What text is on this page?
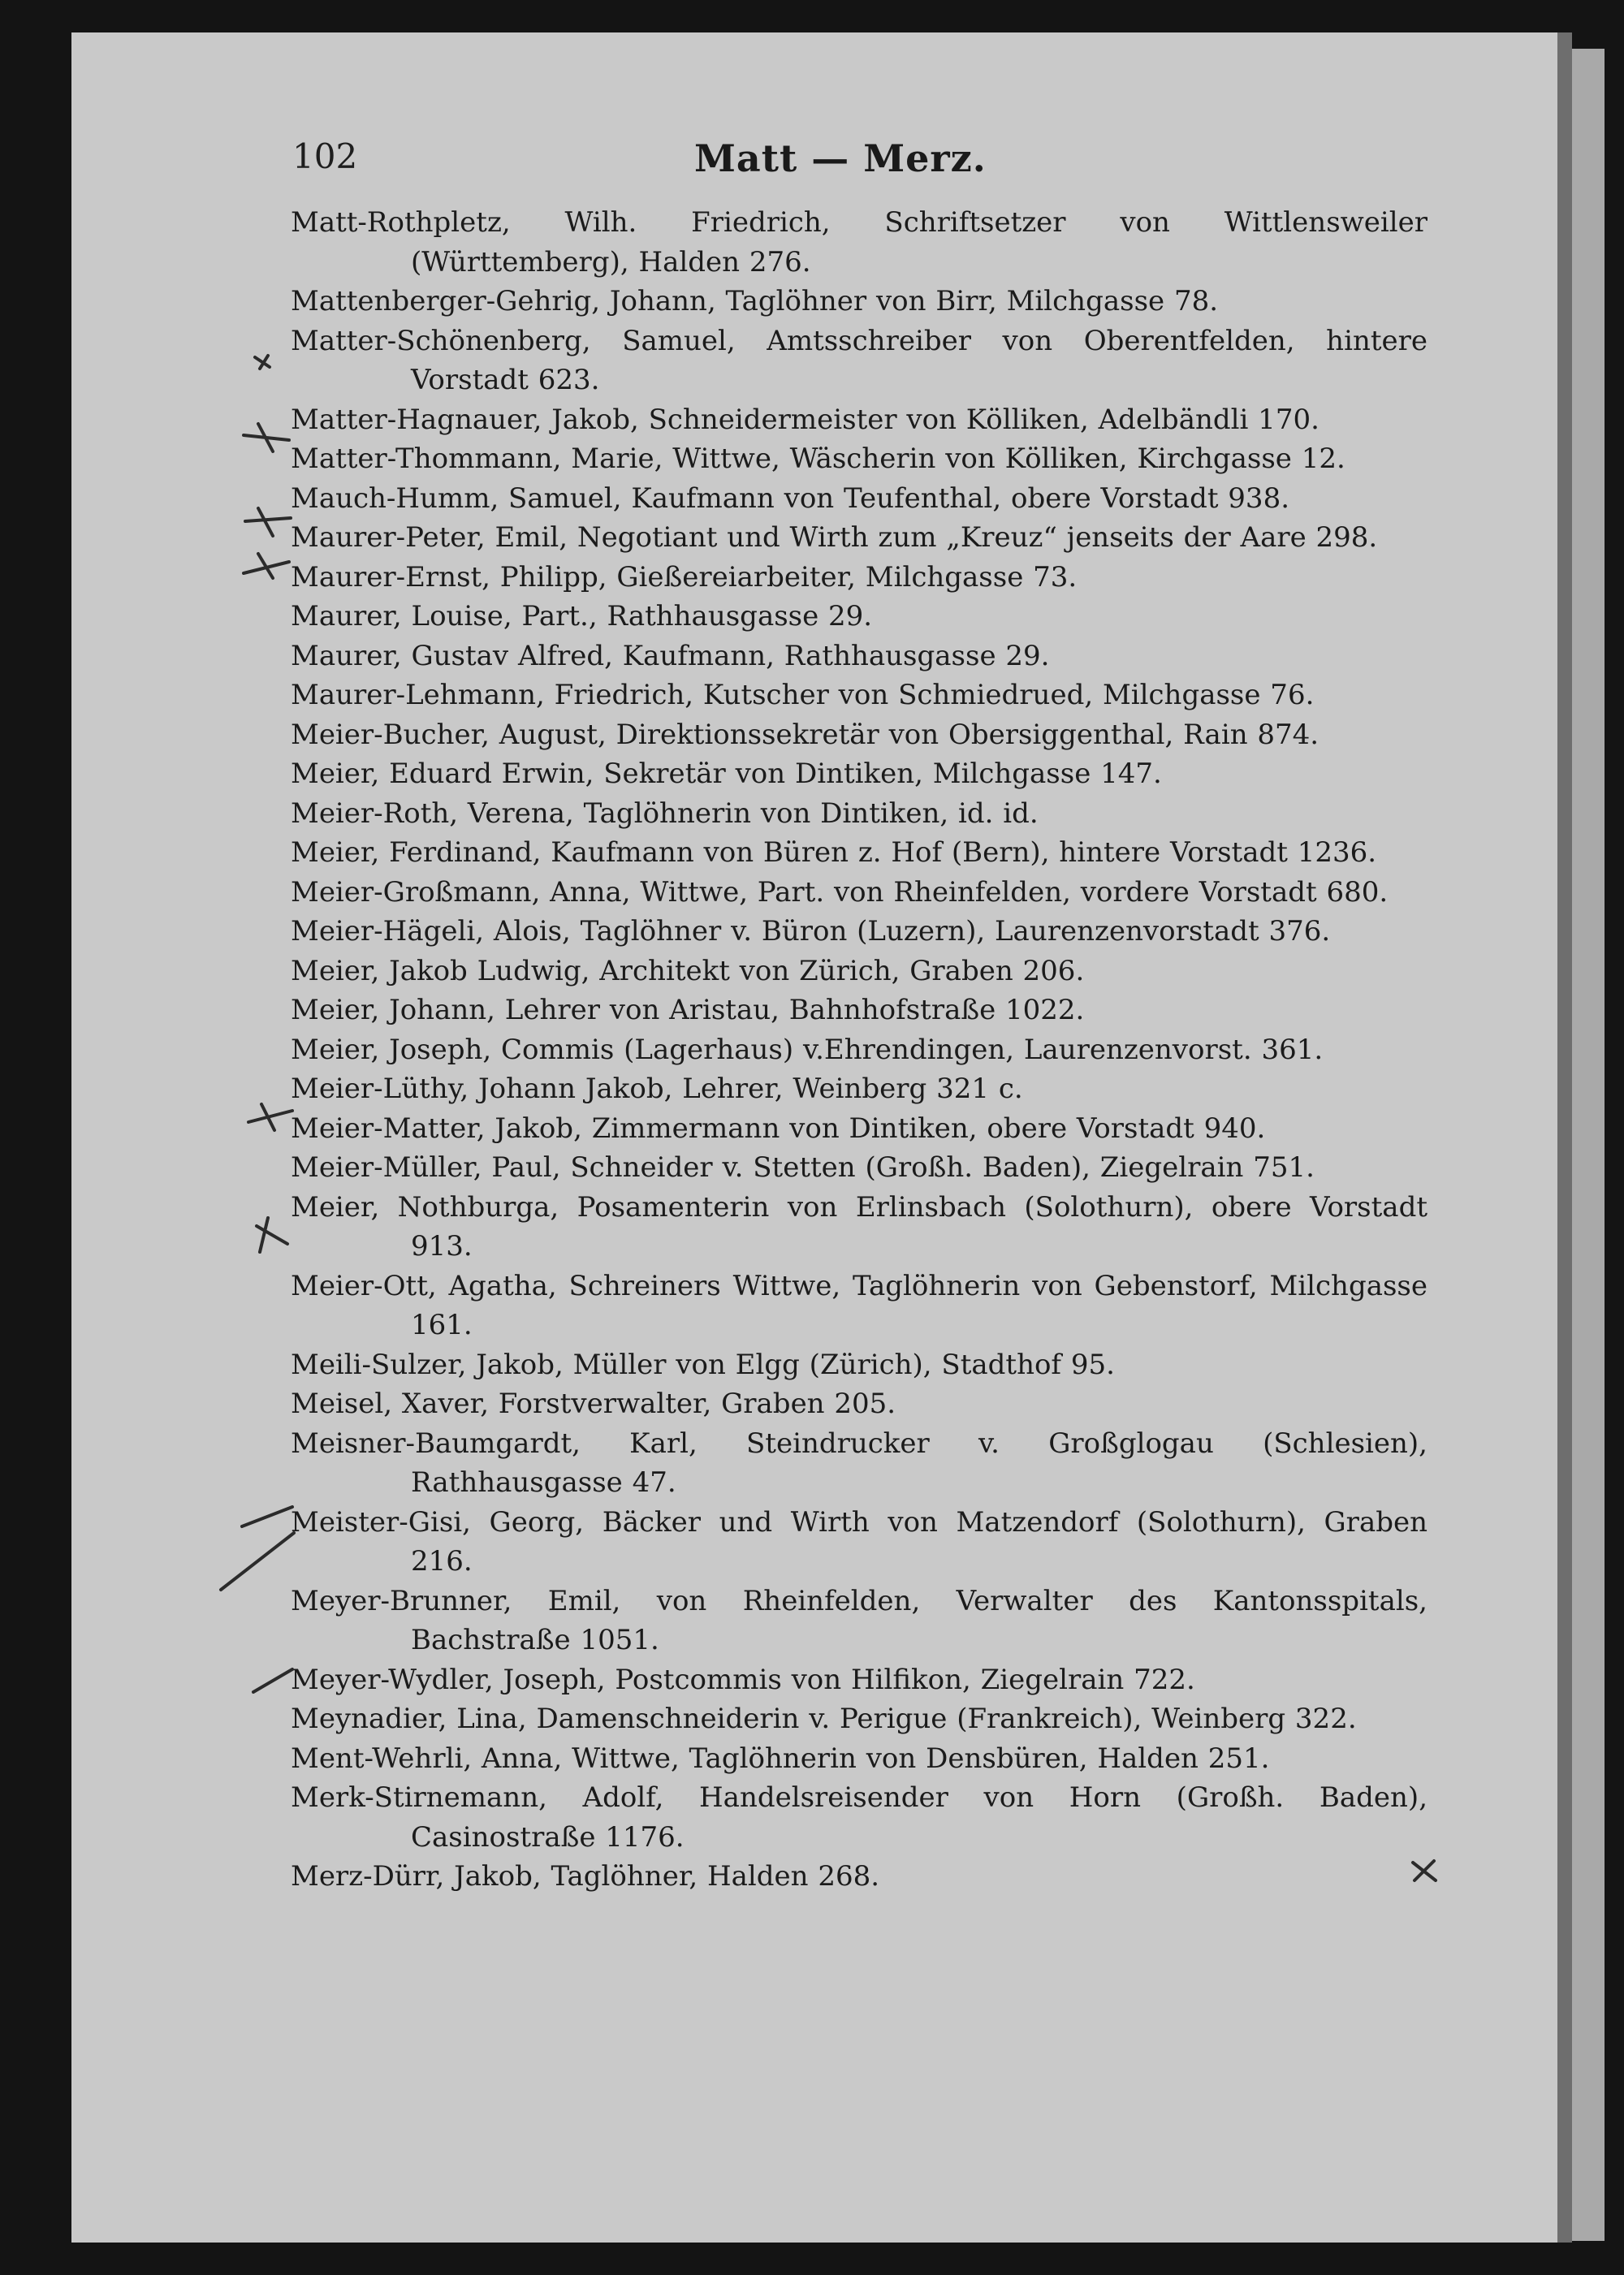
102	Matt — Merz.
Matt-Rothpletz, Wilh. Friedrich, Schriftsetzer von Wittlensweiler (Württemberg), Halden 276.
Mattenberger-Gehrig, Johann, Taglöhner von Birr, Milchgasse 78.
Matter-Schönenberg, Samuel, Amtsschreiber von Oberentfelden, hintere Vorstadt 623.
Matter-Hagnauer, Jakob, Schneidermeister von Kölliken, Adelbändli 170.
Matter-Thommann, Marie, Wittwe, Wäscherin von Kölliken, Kirchgasse 12.
Mauch-Humm, Samuel, Kaufmann von Teufenthal, obere Vorstadt 938.
Maurer-Peter, Emil, Negotiant und Wirth zum „Kreuz“ jenseits der Aare 298.
Maurer-Ernst, Philipp, Gießereiarbeiter, Milchgasse 73.
Maurer, Louise, Part., Rathhausgasse 29.
Maurer, Gustav Alfred, Kaufmann, Rathhausgasse 29.
Maurer-Lehmann, Friedrich, Kutscher von Schmiedrued, Milchgasse 76.
Meier-Bucher, August, Direktionssekretär von Obersiggenthal, Rain 874.
Meier, Eduard Erwin, Sekretär von Dintiken, Milchgasse 147.
Meier-Roth, Verena, Taglöhnerin von Dintiken, id. id.
Meier, Ferdinand, Kaufmann von Büren z. Hof (Bern), hintere Vorstadt 1236.
Meier-Großmann, Anna, Wittwe, Part. von Rheinfelden, vordere Vorstadt 680.
Meier-Hägeli, Alois, Taglöhner v. Büron (Luzern), Laurenzenvorstadt 376.
Meier, Jakob Ludwig, Architekt von Zürich, Graben 206.
Meier, Johann, Lehrer von Aristau, Bahnhofstraße 1022.
Meier, Joseph, Commis (Lagerhaus) v.Ehrendingen, Laurenzenvorst. 361.
Meier-Lüthy, Johann Jakob, Lehrer, Weinberg 321 c.
Meier-Matter, Jakob, Zimmermann von Dintiken, obere Vorstadt 940.
Meier-Müller, Paul, Schneider v. Stetten (Großh. Baden), Ziegelrain 751.
Meier, Nothburga, Posamenterin von Erlinsbach (Solothurn), obere Vorstadt 913.
Meier-Ott, Agatha, Schreiners Wittwe, Taglöhnerin von Gebenstorf, Milchgasse 161.
Meili-Sulzer, Jakob, Müller von Elgg (Zürich), Stadthof 95.
Meisel, Xaver, Forstverwalter, Graben 205.
Meisner-Baumgardt, Karl, Steindrucker v. Großglogau (Schlesien), Rathhausgasse 47.
Meister-Gisi, Georg, Bäcker und Wirth von Matzendorf (Solothurn), Graben 216.
Meyer-Brunner, Emil, von Rheinfelden, Verwalter des Kantonsspitals, Bachstraße 1051.
Meyer-Wydler, Joseph, Postcommis von Hilfikon, Ziegelrain 722.
Meynadier, Lina, Damenschneiderin v. Perigue (Frankreich), Weinberg 322.
Ment-Wehrli, Anna, Wittwe, Taglöhnerin von Densbüren, Halden 251.
Merk-Stirnemann, Adolf, Handelsreisender von Horn (Großh. Baden), Casinostraße 1176.
Merz-Dürr, Jakob, Taglöhner, Halden 268.
